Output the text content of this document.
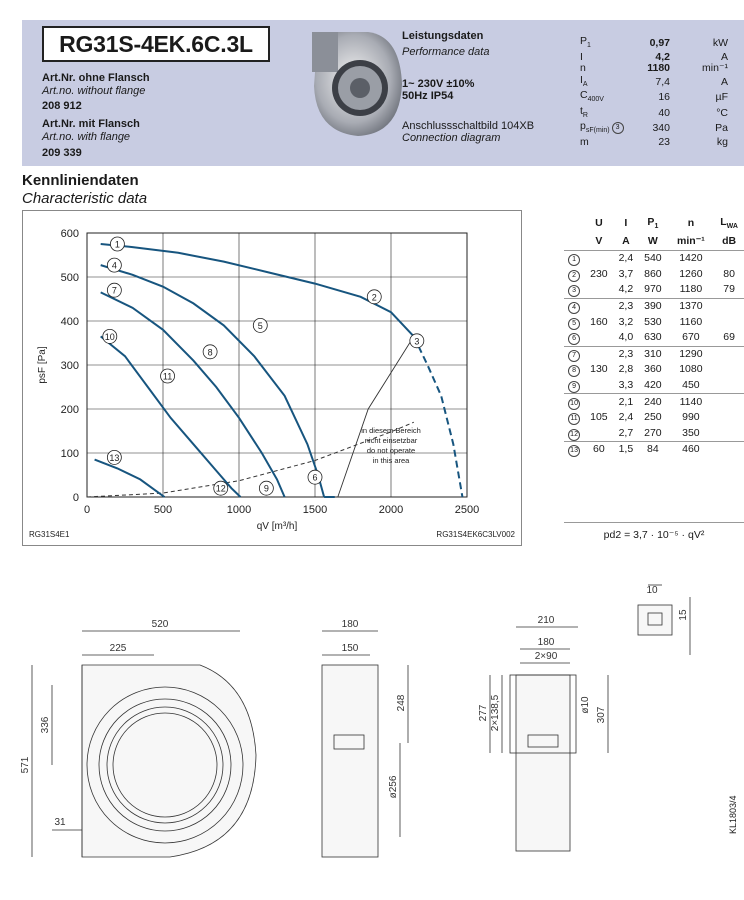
RG31S-4EK.6C.3L
Art.Nr. ohne Flansch
Art.no. without flange
208 912
Art.Nr. mit Flansch
Art.no. with flange
209 339
Leistungsdaten
Performance data
1~ 230V ±10%
50Hz IP54
Anschlussschaltbild 104XB
Connection diagram
$P_1$	0,97	kW
I	4,2	A
n	1180	min⁻¹
$I_A$	7,4	A
$C_{400V}$	16	µF
$t_R$	40	°C
$p_{sF(min)}$ 3	340	Pa
m	23	kg
Kennliniendaten
Characteristic data
0	500	1000	1500	2000	2500
0
100
200
300
400
500
600
qV [m³/h]
psF [Pa]
RG31S4E1	RG31S4EK6C3LV002
in diesem Bereich
nicht einsetzbar
do not operate
in this area
1
2
3
4
5
6
7
8
9
10
11
12
13
	U	I	$P_1$	n	$L_{WA}$
	V	A	W	min⁻¹	dB
1		2,4	540	1420	
2	230	3,7	860	1260	80
3		4,2	970	1180	79
4		2,3	390	1370	
5	160	3,2	530	1160	
6		4,0	630	670	69
7		2,3	310	1290	
8	130	2,8	360	1080	
9		3,3	420	450	
10		2,1	240	1140	
11	105	2,4	250	990	
12		2,7	270	350	
13	60	1,5	84	460	
pd2 = 3,7 · 10⁻⁵ · qV²
520
225
336
571
31
180
150
248
ø256
210
180
2×90
277 2×138,5	ø10
307
10
15
KL1803/4
